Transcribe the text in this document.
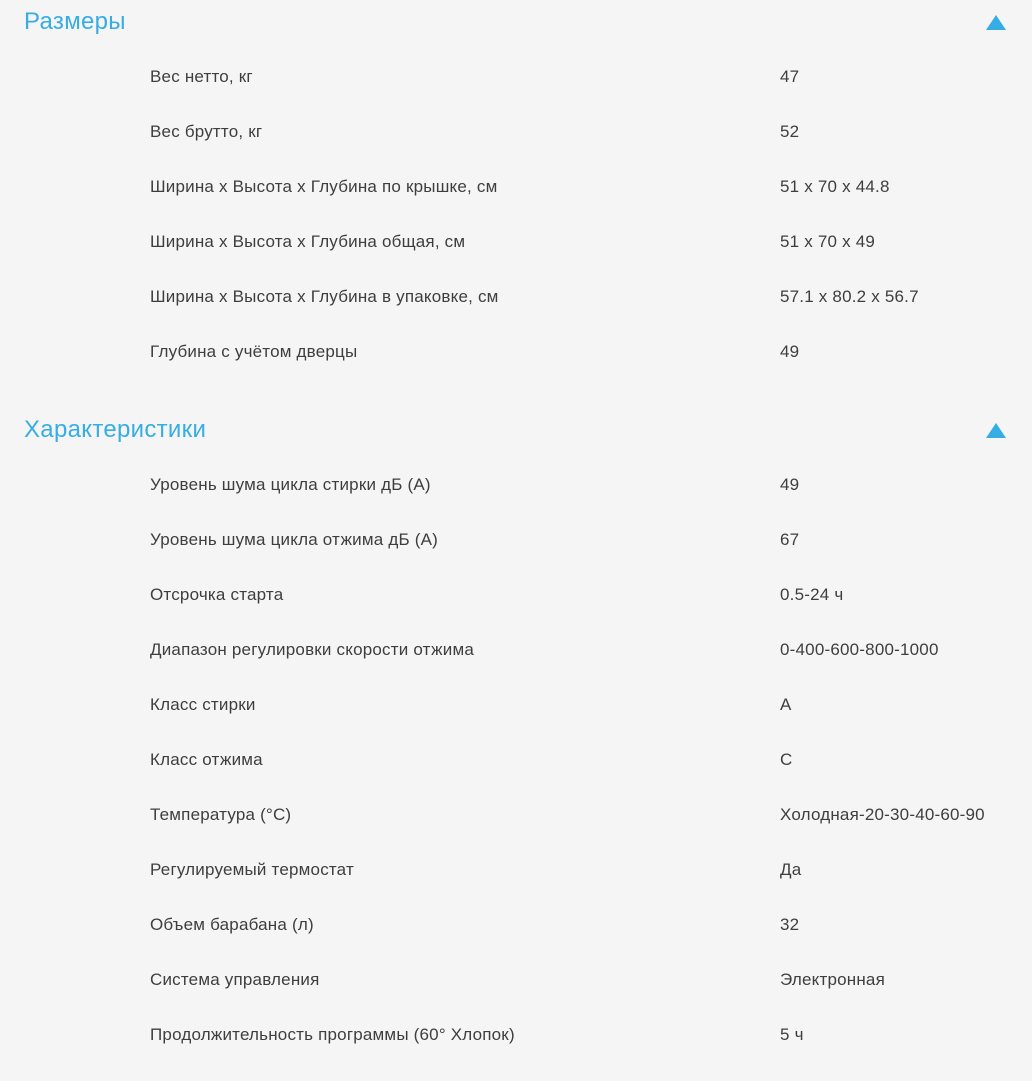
Размеры
Вес нетто, кг	47
Вес брутто, кг	52
Ширина x Высота x Глубина по крышке, см	51 x 70 x 44.8
Ширина x Высота x Глубина общая, см	51 x 70 x 49
Ширина x Высота x Глубина в упаковке, см	57.1 x 80.2 x 56.7
Глубина с учётом дверцы	49
Характеристики
Уровень шума цикла стирки дБ (A)	49
Уровень шума цикла отжима дБ (A)	67
Отсрочка старта	0.5-24 ч
Диапазон регулировки скорости отжима	0-400-600-800-1000
Класс стирки	A
Класс отжима	C
Температура (°C)	Холодная-20-30-40-60-90
Регулируемый термостат	Да
Объем барабана (л)	32
Система управления	Электронная
Продолжительность программы (60° Хлопок)	5 ч
